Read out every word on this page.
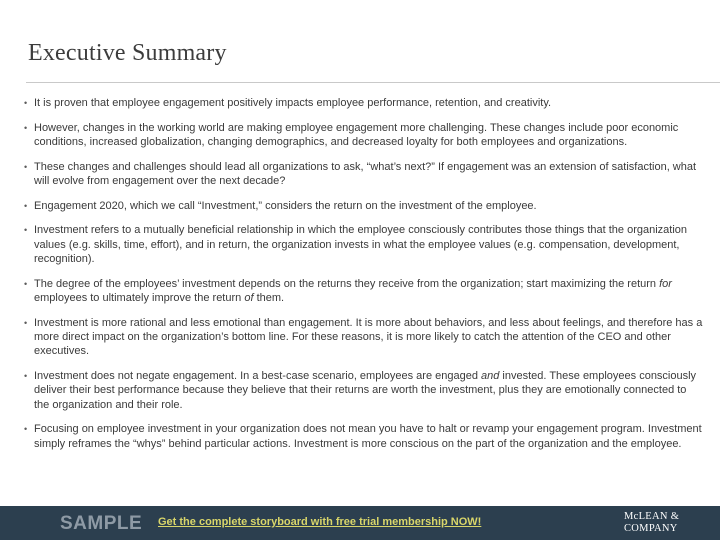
Executive Summary
• It is proven that employee engagement positively impacts employee performance, retention, and creativity.
• However, changes in the working world are making employee engagement more challenging. These changes include poor economic conditions, increased globalization, changing demographics, and decreased loyalty for both employees and organizations.
• These changes and challenges should lead all organizations to ask, “what’s next?” If engagement was an extension of satisfaction, what will evolve from engagement over the next decade?
• Engagement 2020, which we call “Investment,” considers the return on the investment of the employee.
• Investment refers to a mutually beneficial relationship in which the employee consciously contributes those things that the organization values (e.g. skills, time, effort), and in return, the organization invests in what the employee values (e.g. compensation, development, recognition).
• The degree of the employees’ investment depends on the returns they receive from the organization; start maximizing the return for employees to ultimately improve the return of them.
• Investment is more rational and less emotional than engagement. It is more about behaviors, and less about feelings, and therefore has a more direct impact on the organization’s bottom line. For these reasons, it is more likely to catch the attention of the CEO and other executives.
• Investment does not negate engagement. In a best-case scenario, employees are engaged and invested. These employees consciously deliver their best performance because they believe that their returns are worth the investment, plus they are emotionally connected to the organization and their role.
• Focusing on employee investment in your organization does not mean you have to halt or revamp your engagement program. Investment simply reframes the “whys” behind particular actions. Investment is more conscious on the part of the organization and the employee.
SAMPLE Get the complete storyboard with free trial membership NOW!	McLEAN &
COMPANY
